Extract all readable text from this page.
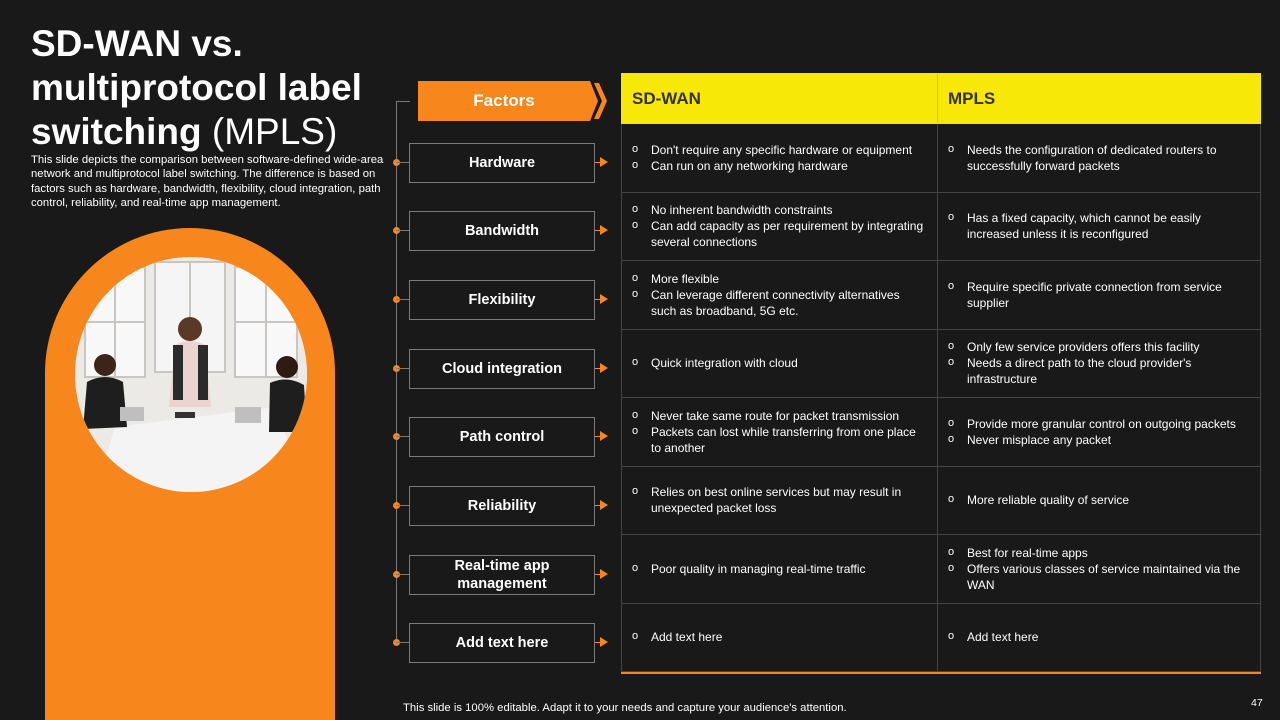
SD-WAN vs. multiprotocol label switching (MPLS)
This slide depicts the comparison between software-defined wide-area network and multiprotocol label switching. The difference is based on factors such as hardware, bandwidth, flexibility, cloud integration, path control, reliability, and real-time app management.
Factors
Hardware
Bandwidth
Flexibility
Cloud integration
Path control
Reliability
Real-time app management
Add text here
SD-WAN	MPLS
o Don't require any specific hardware or equipment
o Can run on any networking hardware
o Needs the configuration of dedicated routers to successfully forward packets
o No inherent bandwidth constraints
o Can add capacity as per requirement by integrating several connections
o Has a fixed capacity, which cannot be easily increased unless it is reconfigured
o More flexible
o Can leverage different connectivity alternatives such as broadband, 5G etc.
o Require specific private connection from service supplier
o Quick integration with cloud
o Only few service providers offers this facility
o Needs a direct path to the cloud provider's infrastructure
o Never take same route for packet transmission
o Packets can lost while transferring from one place to another
o Provide more granular control on outgoing packets
o Never misplace any packet
o Relies on best online services but may result in unexpected packet loss
o More reliable quality of service
o Poor quality in managing real-time traffic
o Best for real-time apps
o Offers various classes of service maintained via the WAN
o Add text here
o	Add text here
This slide is 100% editable. Adapt it to your needs and capture your audience's attention.	47
